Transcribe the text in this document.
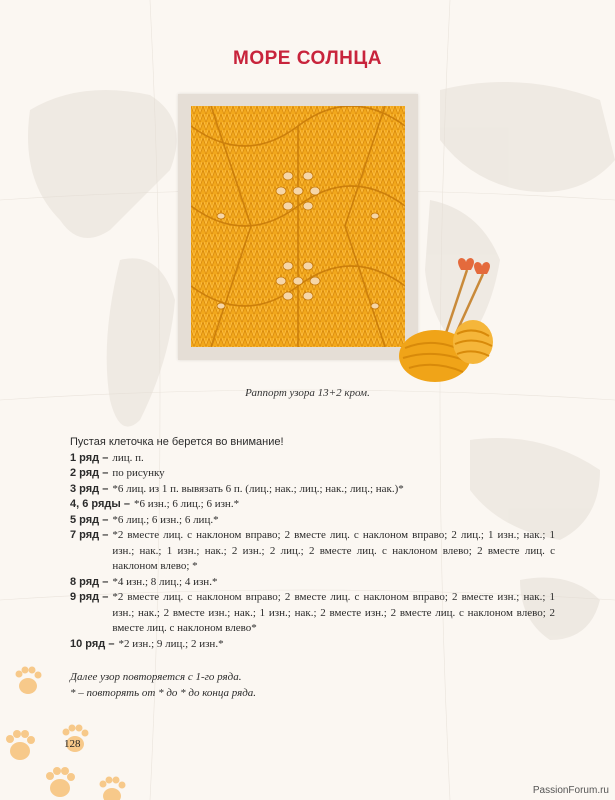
МОРЕ СОЛНЦА
Раппорт узора 13+2 кром.

Пустая клеточка не берется во внимание!

1 ряд – лиц. п.
2 ряд – по рисунку
3 ряд – *6 лиц. из 1 п. вывязать 6 п. (лиц.; нак.; лиц.; нак.; лиц.; нак.)*
4, 6 ряды – *6 изн.; 6 лиц.; 6 изн.*
5 ряд – *6 лиц.; 6 изн.; 6 лиц.*
7 ряд – *2 вместе лиц. с наклоном вправо; 2 вместе лиц. с наклоном вправо; 2 лиц.; 1 изн.; нак.; 1 изн.; нак.; 1 изн.; нак.; 2 изн.; 2 лиц.; 2 вместе лиц. с наклоном влево; 2 вместе лиц. с наклоном влево; *
8 ряд – *4 изн.; 8 лиц.; 4 изн.*
9 ряд – *2 вместе лиц. с наклоном вправо; 2 вместе лиц. с наклоном вправо; 2 вместе изн.; нак.; 1 изн.; нак.; 2 вместе изн.; нак.; 1 изн.; нак.; 2 вместе изн.; 2 вместе лиц. с наклоном влево; 2 вместе лиц. с наклоном влево*
10 ряд – *2 изн.; 9 лиц.; 2 изн.*

Далее узор повторяется с 1-го ряда.

* – повторять от * до * до конца ряда.

128
PassionForum.ru
